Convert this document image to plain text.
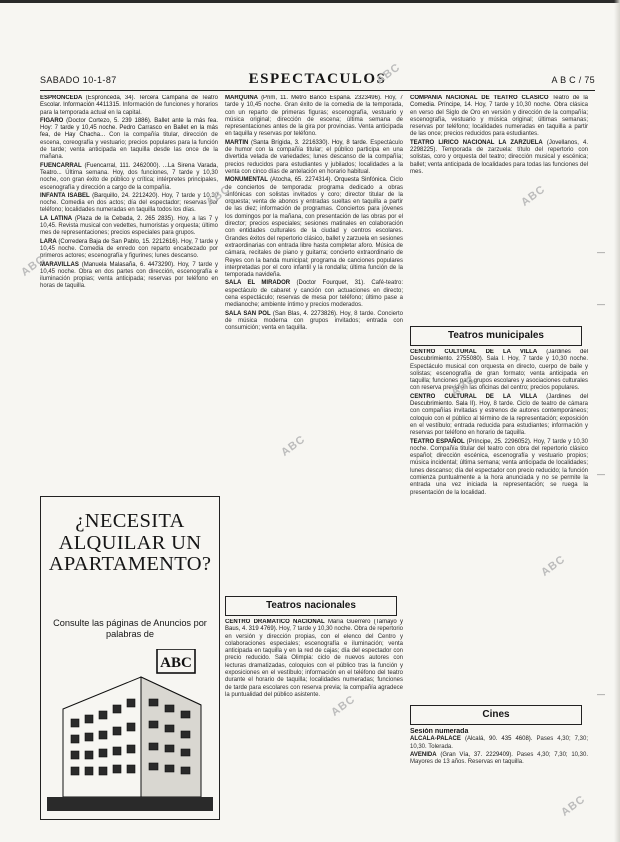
SABADO 10-1-87	ESPECTACULOS	A B C / 75

ESPRONCEDA (Espronceda, 34). Tercera Campaña de Teatro Escolar. Información 4411315. Información de funciones y horarios para la temporada actual en la capital.

FIGARO (Doctor Cortezo, 5. 239 1886). Ballet ante la más fea. Hoy: 7 tarde y 10,45 noche. Pedro Carrasco en Ballet en la más fea, de Hay Chacha... Con la compañía titular, dirección de escena, coreografía y vestuario; precios populares para la función de tarde; venta anticipada en taquilla desde las once de la mañana.

FUENCARRAL (Fuencarral, 111. 2462000). ...La Sirena Varada, Teatro... Última semana. Hoy, dos funciones, 7 tarde y 10,30 noche, con gran éxito de público y crítica; intérpretes principales, escenografía y dirección a cargo de la compañía.

INFANTA ISABEL (Barquillo, 24. 2212420). Hoy, 7 tarde y 10,30 noche. Comedia en dos actos; día del espectador; reservas por teléfono; localidades numeradas en taquilla todos los días.

LA LATINA (Plaza de la Cebada, 2. 265 2835). Hoy, a las 7 y 10,45. Revista musical con vedettes, humoristas y orquesta; último mes de representaciones; precios especiales para grupos.

LARA (Corredera Baja de San Pablo, 15. 2212616). Hoy, 7 tarde y 10,45 noche. Comedia de enredo con reparto encabezado por primeros actores; escenografía y figurines; lunes descanso.

MARAVILLAS (Manuela Malasaña, 6. 4473290). Hoy, 7 tarde y 10,45 noche. Obra en dos partes con dirección, escenografía e iluminación propias; venta anticipada; reservas por teléfono en horas de taquilla.

¿NECESITA ALQUILAR UN APARTAMENTO?
Consulte las páginas de Anuncios por palabras de
ABC

MARQUINA (Prim, 11. Metro Banco España. 2323496). Hoy, 7 tarde y 10,45 noche. Gran éxito de la comedia de la temporada, con un reparto de primeras figuras; escenografía, vestuario y música original; dirección de escena; última semana de representaciones antes de la gira por provincias. Venta anticipada en taquilla y reservas por teléfono.

MARTIN (Santa Brígida, 3. 2216330). Hoy, 8 tarde. Espectáculo de humor con la compañía titular; el público participa en una divertida velada de variedades; lunes descanso de la compañía; precios reducidos para estudiantes y jubilados; localidades a la venta con cinco días de antelación en horario habitual.

MONUMENTAL (Atocha, 65. 2274314). Orquesta Sinfónica. Ciclo de conciertos de temporada: programa dedicado a obras sinfónicas con solistas invitados y coro; director titular de la orquesta; venta de abonos y entradas sueltas en taquilla a partir de las diez; información de programas. Conciertos para jóvenes los domingos por la mañana, con presentación de las obras por el director; precios especiales; sesiones matinales en colaboración con entidades culturales de la ciudad y centros escolares. Grandes éxitos del repertorio clásico, ballet y zarzuela en sesiones extraordinarias con entrada libre hasta completar aforo. Música de cámara, recitales de piano y guitarra; concierto extraordinario de Reyes con la banda municipal; programa de canciones populares interpretadas por el coro infantil y la rondalla; última función de la temporada navideña.

SALA EL MIRADOR (Doctor Fourquet, 31). Café-teatro: espectáculo de cabaret y canción con actuaciones en directo; cena espectáculo; reservas de mesa por teléfono; último pase a medianoche; ambiente íntimo y precios moderados.

SALA SAN POL (San Blas, 4. 2273826). Hoy, 8 tarde. Concierto de música moderna con grupos invitados; entrada con consumición; venta en taquilla.

Teatros nacionales

CENTRO DRAMATICO NACIONAL María Guerrero (Tamayo y Baus, 4. 319 4769). Hoy, 7 tarde y 10,30 noche. Obra de repertorio en versión y dirección propias, con el elenco del Centro y colaboraciones especiales; escenografía e iluminación; venta anticipada en taquilla y en la red de cajas; día del espectador con precio reducido. Sala Olimpia: ciclo de nuevos autores con lecturas dramatizadas, coloquios con el público tras la función y exposiciones en el vestíbulo; información en el teléfono del teatro durante el horario de taquilla; localidades numeradas; funciones de tarde para escolares con reserva previa; la compañía agradece la puntualidad del público asistente.

COMPAÑIA NACIONAL DE TEATRO CLASICO Teatro de la Comedia. Príncipe, 14. Hoy, 7 tarde y 10,30 noche. Obra clásica en verso del Siglo de Oro en versión y dirección de la compañía; escenografía, vestuario y música original; últimas semanas; reservas por teléfono; localidades numeradas en taquilla a partir de las once; precios reducidos para estudiantes.

TEATRO LIRICO NACIONAL LA ZARZUELA (Jovellanos, 4. 2298225). Temporada de zarzuela: título del repertorio con solistas, coro y orquesta del teatro; dirección musical y escénica; ballet; venta anticipada de localidades para todas las funciones del mes.

Teatros municipales

CENTRO CULTURAL DE LA VILLA (Jardines del Descubrimiento. 2755080). Sala I. Hoy, 7 tarde y 10,30 noche. Espectáculo musical con orquesta en directo, cuerpo de baile y solistas; escenografía de gran formato; venta anticipada en taquilla; funciones para grupos escolares y asociaciones culturales con reserva previa en las oficinas del centro; precios populares.

CENTRO CULTURAL DE LA VILLA (Jardines del Descubrimiento. Sala II). Hoy, 8 tarde. Ciclo de teatro de cámara con compañías invitadas y estrenos de autores contemporáneos; coloquio con el público al término de la representación; exposición en el vestíbulo; entrada reducida para estudiantes; información y reservas por teléfono en horario de taquilla.

TEATRO ESPAÑOL (Príncipe, 25. 2296052). Hoy, 7 tarde y 10,30 noche. Compañía titular del teatro con obra del repertorio clásico español; dirección escénica, escenografía y vestuario propios; música incidental; última semana; venta anticipada de localidades; lunes descanso; día del espectador con precio reducido; la función comienza puntualmente a la hora anunciada y no se permite la entrada una vez iniciada la representación; se ruega la presentación de la localidad.

Cines

Sesión numerada

ALCALA-PALACE (Alcalá, 90. 435 4608). Pases 4,30; 7,30; 10,30. Tolerada.

AVENIDA (Gran Vía, 37. 2229409). Pases 4,30; 7,30; 10,30. Mayores de 13 años. Reservas en taquilla.

—
—
—
—
ABC
ABC
ABC
ABC
ABC
ABC
ABC
ABC
ABC
